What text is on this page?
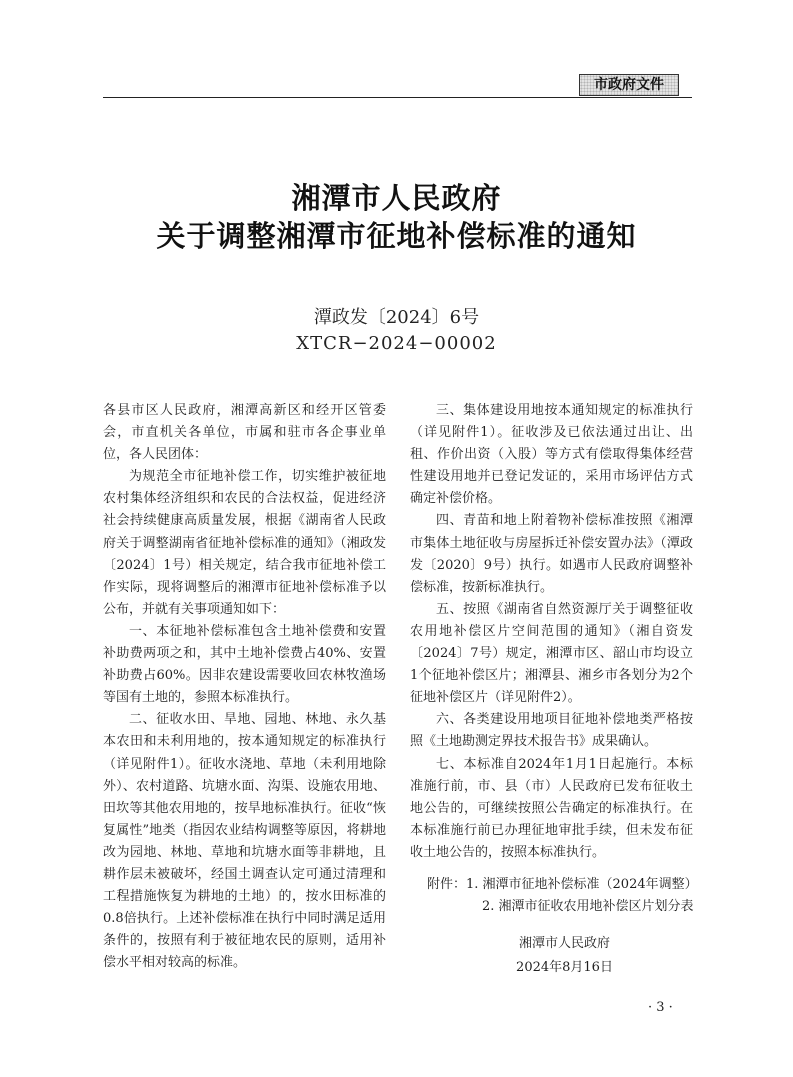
市政府文件
湘潭市人民政府
关于调整湘潭市征地补偿标准的通知
潭政发〔2024〕6号
XTCR−2024−00002

各县市区人民政府，湘潭高新区和经开区管委会，市直机关各单位，市属和驻市各企事业单位，各人民团体：

为规范全市征地补偿工作，切实维护被征地农村集体经济组织和农民的合法权益，促进经济社会持续健康高质量发展，根据《湖南省人民政府关于调整湖南省征地补偿标准的通知》（湘政发〔2024〕1号）相关规定，结合我市征地补偿工作实际，现将调整后的湘潭市征地补偿标准予以公布，并就有关事项通知如下：

一、本征地补偿标准包含土地补偿费和安置补助费两项之和，其中土地补偿费占40%、安置补助费占60%。因非农建设需要收回农林牧渔场等国有土地的，参照本标准执行。

二、征收水田、旱地、园地、林地、永久基本农田和未利用地的，按本通知规定的标准执行（详见附件1）。征收水浇地、草地（未利用地除外）、农村道路、坑塘水面、沟渠、设施农用地、田坎等其他农用地的，按旱地标准执行。征收“恢复属性”地类（指因农业结构调整等原因，将耕地改为园地、林地、草地和坑塘水面等非耕地，且耕作层未被破坏，经国土调查认定可通过清理和工程措施恢复为耕地的土地）的，按水田标准的0.8倍执行。上述补偿标准在执行中同时满足适用条件的，按照有利于被征地农民的原则，适用补偿水平相对较高的标准。

三、集体建设用地按本通知规定的标准执行（详见附件1）。征收涉及已依法通过出让、出租、作价出资（入股）等方式有偿取得集体经营性建设用地并已登记发证的，采用市场评估方式确定补偿价格。

四、青苗和地上附着物补偿标准按照《湘潭市集体土地征收与房屋拆迁补偿安置办法》（潭政发〔2020〕9号）执行。如遇市人民政府调整补偿标准，按新标准执行。

五、按照《湖南省自然资源厅关于调整征收农用地补偿区片空间范围的通知》（湘自资发〔2024〕7号）规定，湘潭市区、韶山市均设立1个征地补偿区片；湘潭县、湘乡市各划分为2个征地补偿区片（详见附件2）。

六、各类建设用地项目征地补偿地类严格按照《土地勘测定界技术报告书》成果确认。

七、本标准自2024年1月1日起施行。本标准施行前，市、县（市）人民政府已发布征收土地公告的，可继续按照公告确定的标准执行。在本标准施行前已办理征地审批手续，但未发布征收土地公告的，按照本标准执行。

附件： 1. 湘潭市征地补偿标准（2024年调整）
2. 湘潭市征收农用地补偿区片划分表
湘潭市人民政府
2024年8月16日
· 3 ·
